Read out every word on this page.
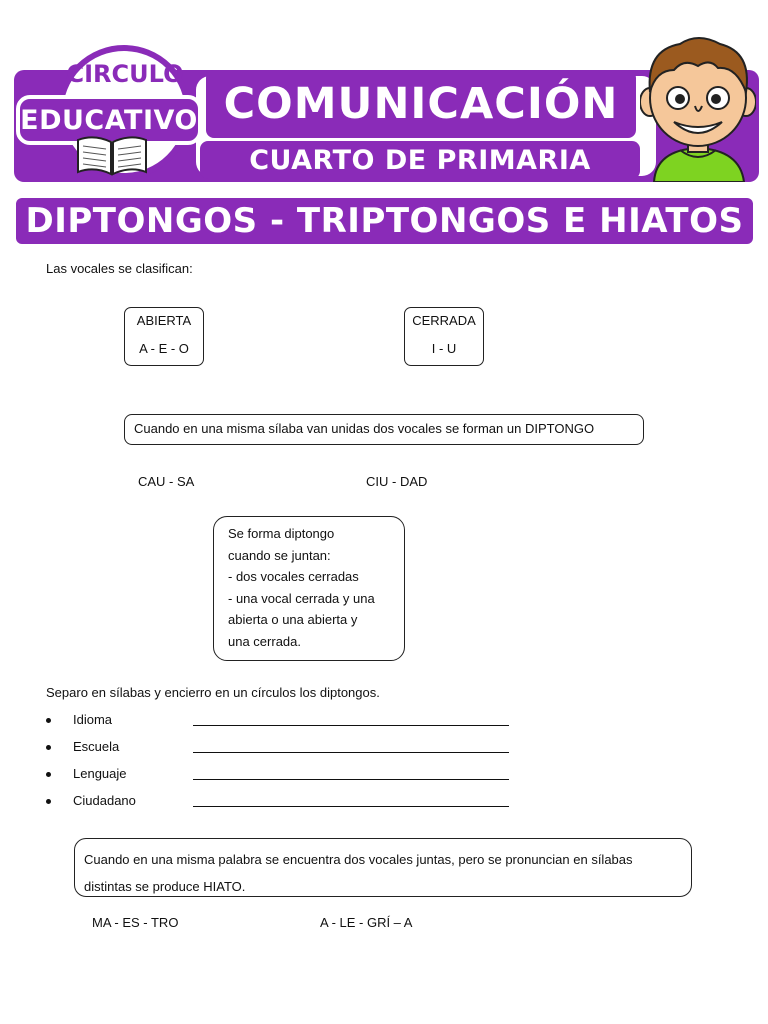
COMUNICACIÓN
CUARTO DE PRIMARIA
CIRCULO
EDUCATIVO
DIPTONGOS - TRIPTONGOS E HIATOS
Las vocales se clasifican:
ABIERTA
A - E - O
CERRADA
I - U
Cuando en una misma sílaba van unidas dos vocales se forman un DIPTONGO
CAU - SA	CIU - DAD
Se forma diptongo
cuando se juntan:
- dos vocales cerradas
- una vocal cerrada y una
abierta o una abierta y
una cerrada.
Separo en sílabas y encierro en un círculos los diptongos.
Idioma
Escuela
Lenguaje
Ciudadano
Cuando en una misma palabra se encuentra dos vocales juntas, pero se pronuncian en sílabas
distintas se produce HIATO.
MA - ES - TRO	A - LE - GRÍ – A
